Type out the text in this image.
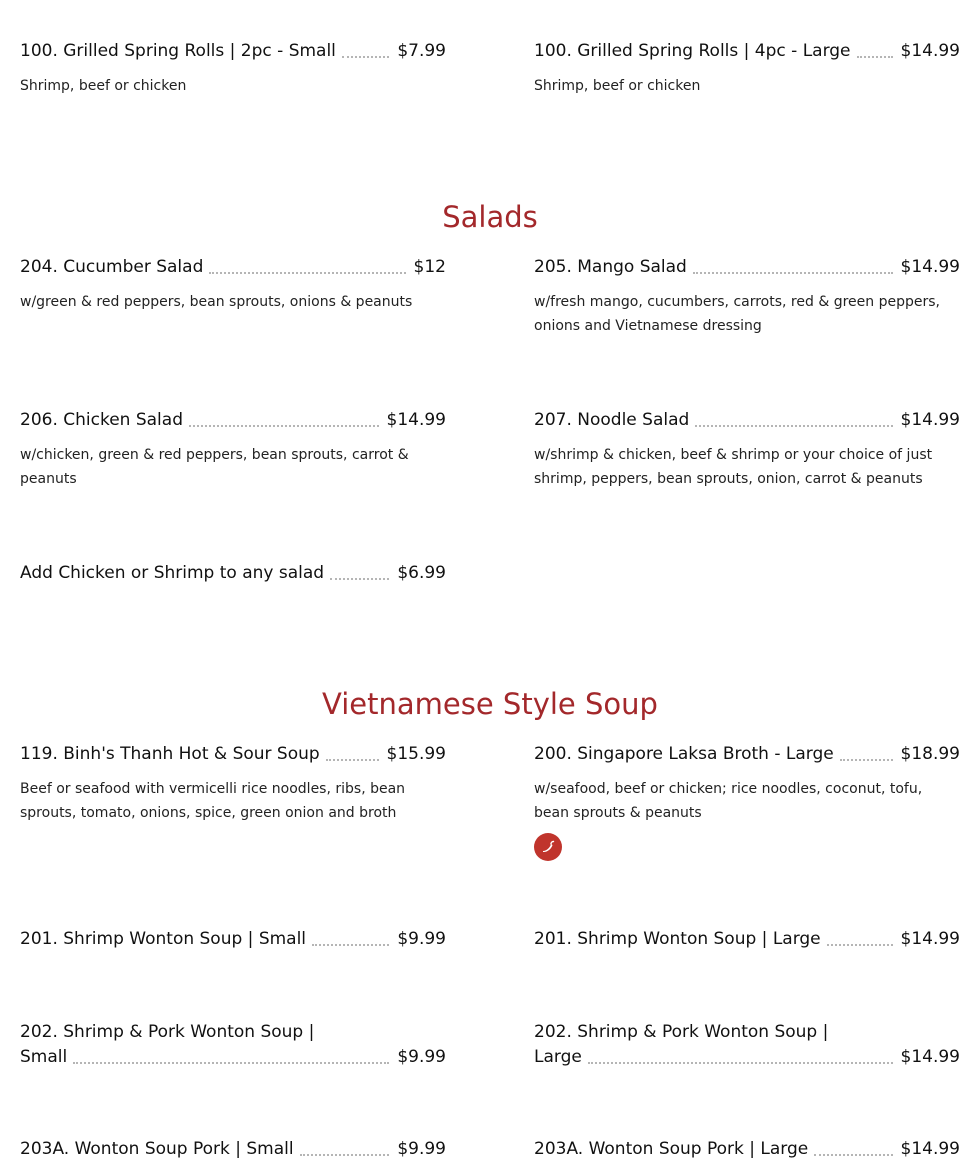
100. Grilled Spring Rolls | 2pc - Small	$7.99
Shrimp, beef or chicken
100. Grilled Spring Rolls | 4pc - Large	$14.99
Shrimp, beef or chicken
Salads
204. Cucumber Salad	$12
w/green & red peppers, bean sprouts, onions & peanuts
205. Mango Salad	$14.99
w/fresh mango, cucumbers, carrots, red & green peppers, onions and Vietnamese dressing
206. Chicken Salad	$14.99
w/chicken, green & red peppers, bean sprouts, carrot & peanuts
207. Noodle Salad	$14.99
w/shrimp & chicken, beef & shrimp or your choice of just shrimp, peppers, bean sprouts, onion, carrot & peanuts
Add Chicken or Shrimp to any salad	$6.99
Vietnamese Style Soup
119. Binh's Thanh Hot & Sour Soup	$15.99
Beef or seafood with vermicelli rice noodles, ribs, bean sprouts, tomato, onions, spice, green onion and broth
200. Singapore Laksa Broth - Large	$18.99
w/seafood, beef or chicken; rice noodles, coconut, tofu, bean sprouts & peanuts
201. Shrimp Wonton Soup | Small	$9.99	201. Shrimp Wonton Soup | Large	$14.99
202. Shrimp & Pork Wonton Soup |
Small	$9.99
202. Shrimp & Pork Wonton Soup |
Large	$14.99
203A. Wonton Soup Pork | Small	$9.99	203A. Wonton Soup Pork | Large	$14.99
